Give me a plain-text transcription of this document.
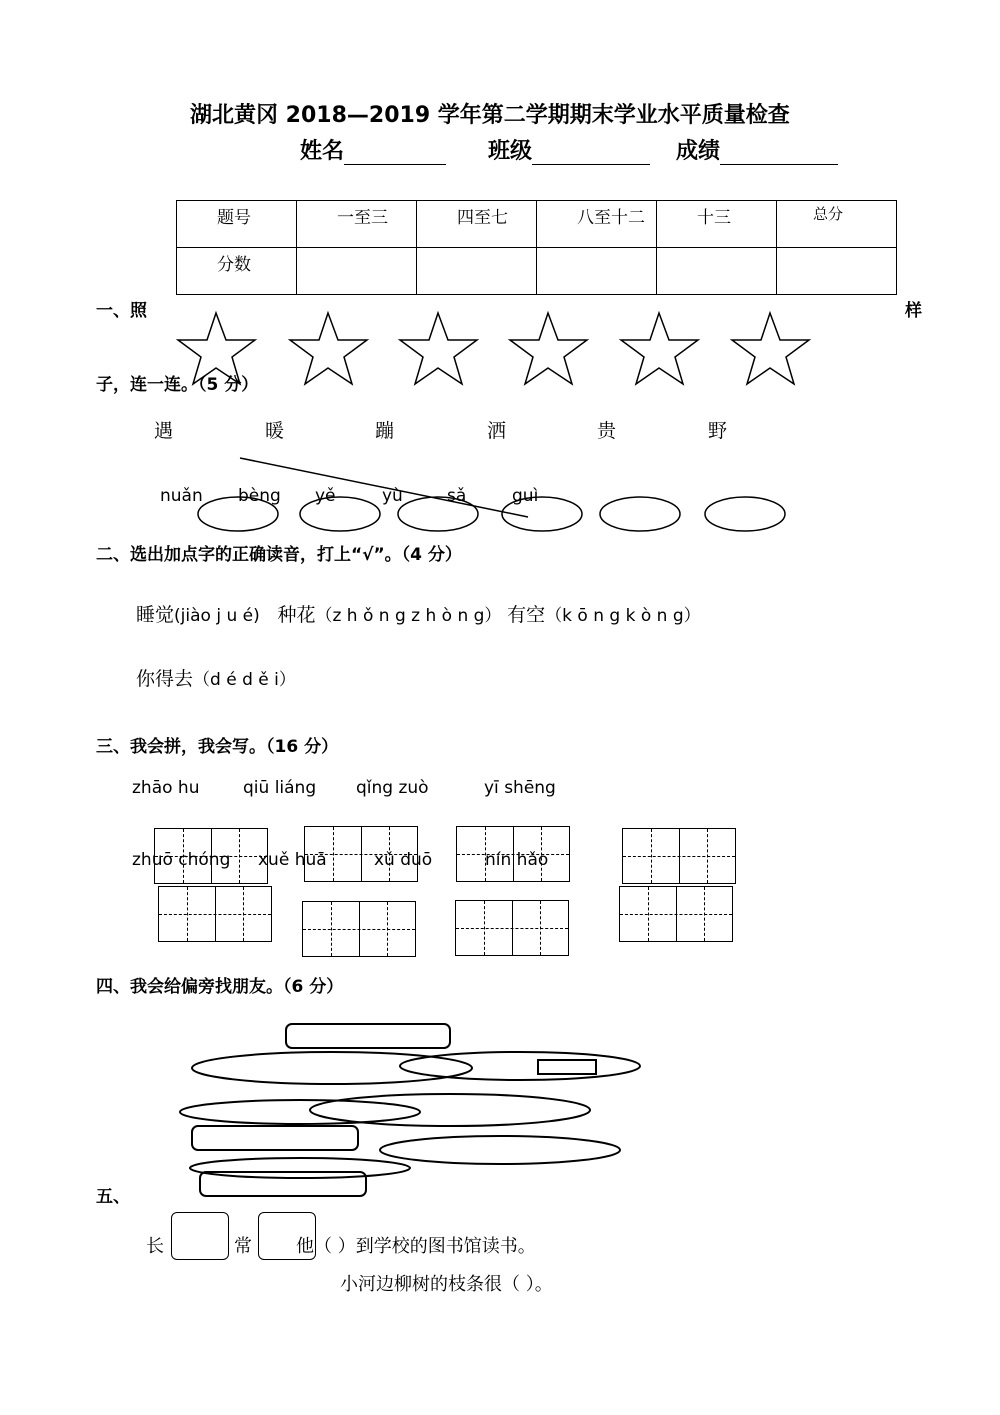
湖北黄冈 2018—2019 学年第二学期期末学业水平质量检查
姓名	班级	成绩
题号	一至三	四至七	八至十二	十三	总分

分数					

一、照	样
子，连一连。（5 分）
遇	暖	蹦	洒	贵	野
nuǎn bèng yě	yù	sǎ	guì
二、选出加点字的正确读音，打上“√”。（4 分）
睡觉(jiào j u é) 种花（z h ǒ n g z h ò n g） 有空（k ō n g k ò n g）
你得去（d é d ě i）
三、我会拼，我会写。（16 分）
zhāo hu	qiū liáng qǐng zuò	yī shēng
zhuō chóng xuě huā	xǔ duō	nín hǎo
四、我会给偏旁找朋友。（6 分）
五、
长	常 他（ ）到学校的图书馆读书。
小河边柳树的枝条很（ ）。
